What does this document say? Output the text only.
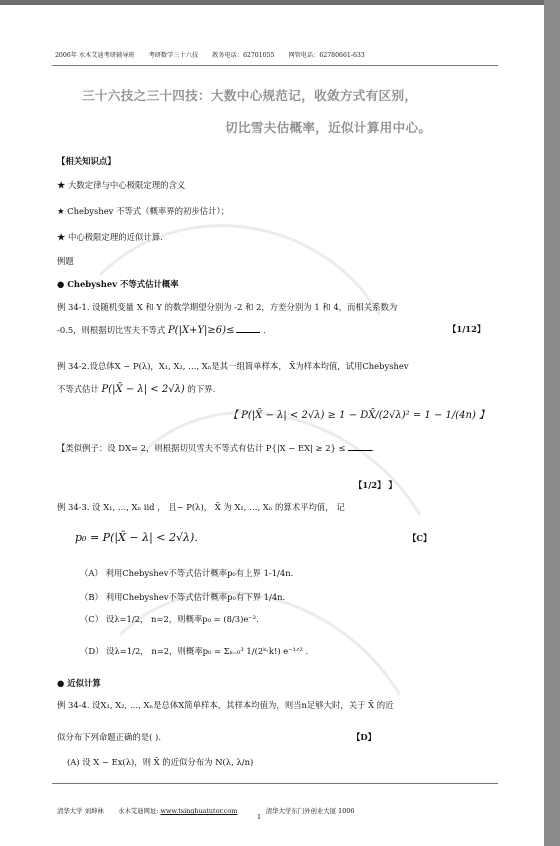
2006年 水木艾迪考研辅导班 考研数学三十六技 教务电话：62701055 网管电话：62780661-633
三十六技之三十四技：大数中心规范记，收敛方式有区别，
切比雪夫估概率，近似计算用中心。
【相关知识点】
★ 大数定律与中心极限定理的含义
★ Chebyshev 不等式（概率界的初步估计）；
★ 中心极限定理的近似计算.
例题
● Chebyshev 不等式估计概率
例 34-1. 设随机变量 X 和 Y 的数学期望分别为 -2 和 2，方差分别为 1 和 4，而相关系数为
-0.5，则根据切比雪夫不等式 P(|X+Y|≥6)≤	．	【1/12】
例 34-2.设总体X ~ P(λ)，X₁, X₂, …, Xₙ是其一组简单样本， X̄为样本均值，试用Chebyshev
不等式估计 P(|X̄ − λ| < 2√λ) 的下界.
【 P(|X̄ − λ| < 2√λ) ≥ 1 − DX̄/(2√λ)² = 1 − 1/(4n) 】
【类似例子：设 DX= 2，则根据切贝雪夫不等式有估计 P{|X − EX| ≥ 2} ≤	．
【1/2】 】
例 34-3. 设 X₁, …, Xₙ iid ， 且~ P(λ)， X̄ 为 X₁, …, Xₙ 的算术平均值， 记
p₀ = P(|X̄ − λ| < 2√λ)．	【C】
（A） 利用Chebyshev不等式估计概率p₀有上界 1-1/4n.
（B） 利用Chebyshev不等式估计概率p₀有下界 1/4n.
（C） 设λ=1/2， n=2，则概率p₀ = (8/3)e⁻²．
（D） 设λ=1/2， n=2，则概率p₀ = Σₖ₌₀³ 1/(2ᵏ·k!) e⁻¹ᐟ² ．
● 近似计算
例 34-4. 设X₁, X₂, …, Xₙ是总体X简单样本，其样本均值为，则当n足够大时，关于 X̄ 的近
似分布下列命题正确的是( ).	【D】
(A) 设 X ~ Ex(λ)，则 X̄ 的近似分布为 N(λ, λ/n)
清华大学 刘坤林 水木艾迪网址: www.tsinghuatutor.com	清华大学东门外创业大厦 1006
1
